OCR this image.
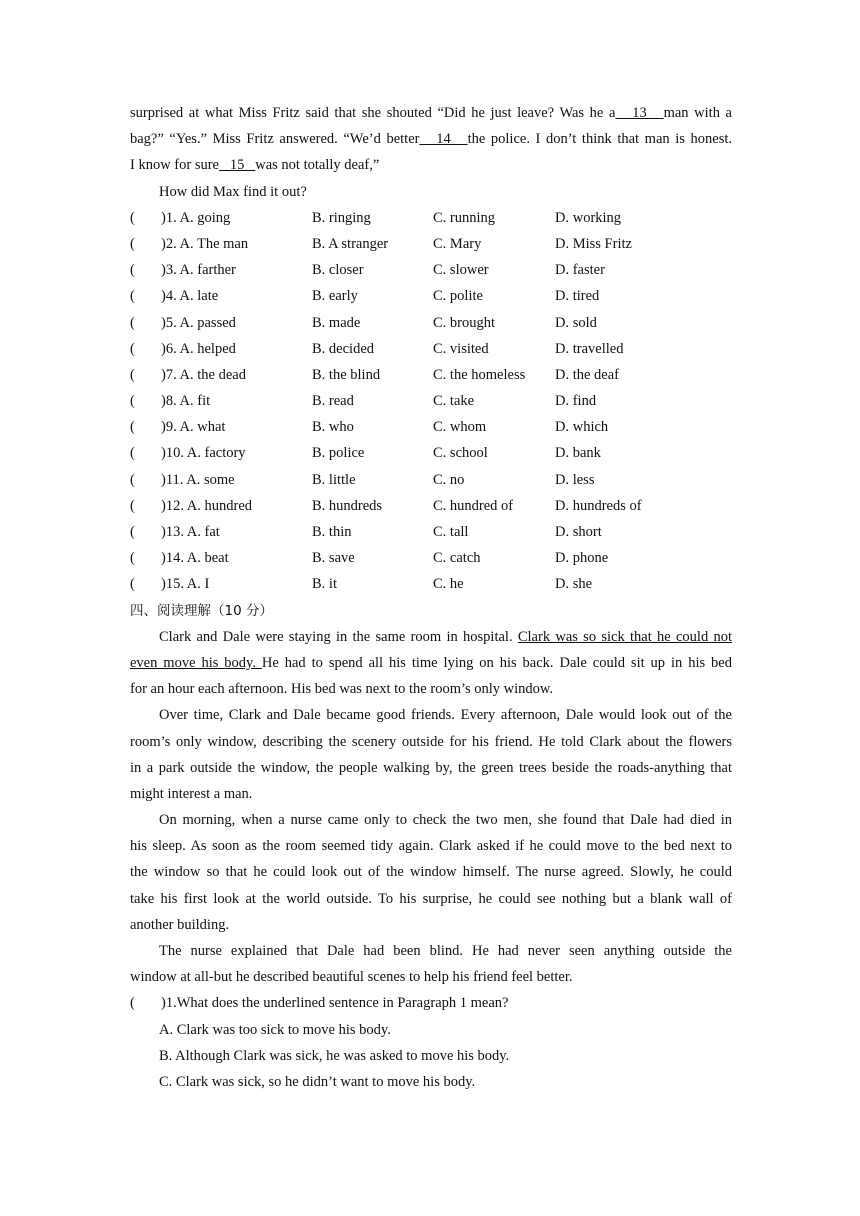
surprised at what Miss Fritz said that she shouted “Did he just leave? Was he a   13   man with a
bag?” “Yes.” Miss Fritz answered. “We’d better   14   the police. I don’t think that man is honest.
I know for sure   15   was not totally deaf,”
How did Max find it out?
( )1. A. going	B. ringing	C. running	D. working
( )2. A. The man	B. A stranger	C. Mary	D. Miss Fritz
( )3. A. farther	B. closer	C. slower	D. faster
( )4. A. late	B. early	C. polite	D. tired
( )5. A. passed	B. made	C. brought	D. sold
( )6. A. helped	B. decided	C. visited	D. travelled
( )7. A. the dead	B. the blind	C. the homeless D. the deaf
( )8. A. fit	B. read	C. take	D. find
( )9. A. what	B. who	C. whom	D. which
( )10. A. factory	B. police	C. school	D. bank
( )11. A. some	B. little	C. no	D. less
( )12. A. hundred	B. hundreds	C. hundred of	D. hundreds of
( )13. A. fat	B. thin	C. tall	D. short
( )14. A. beat	B. save	C. catch	D. phone
( )15. A. I	B. it	C. he	D. she
四、阅读理解（10 分）
Clark and Dale were staying in the same room in hospital. Clark was so sick that he could not
even move his body. He had to spend all his time lying on his back. Dale could sit up in his bed
for an hour each afternoon. His bed was next to the room’s only window.
Over time, Clark and Dale became good friends. Every afternoon, Dale would look out of the
room’s only window, describing the scenery outside for his friend. He told Clark about the flowers
in a park outside the window, the people walking by, the green trees beside the roads-anything that
might interest a man.
On morning, when a nurse came only to check the two men, she found that Dale had died in
his sleep. As soon as the room seemed tidy again. Clark asked if he could move to the bed next to
the window so that he could look out of the window himself. The nurse agreed. Slowly, he could
take his first look at the world outside. To his surprise, he could see nothing but a blank wall of
another building.
The nurse explained that Dale had been blind. He had never seen anything outside the
window at all-but he described beautiful scenes to help his friend feel better.
( )1.What does the underlined sentence in Paragraph 1 mean?
A. Clark was too sick to move his body.
B. Although Clark was sick, he was asked to move his body.
C. Clark was sick, so he didn’t want to move his body.
